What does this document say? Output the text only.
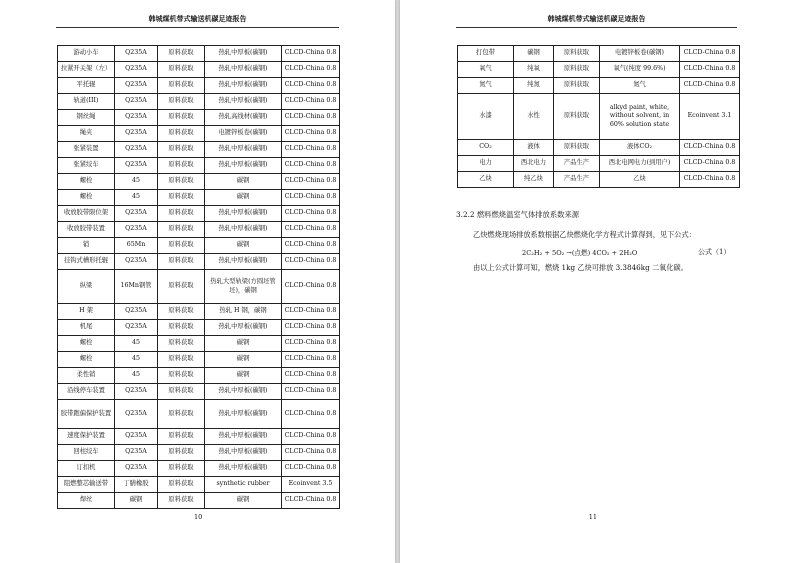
韩城煤机带式输送机碳足迹报告
游动小车	Q235A	原料获取	热轧中厚板(碳钢)	CLCD-China 0.8
拉紧开关架（左）	Q235A	原料获取	热轧中厚板(碳钢)	CLCD-China 0.8
平托辊	Q235A	原料获取	热轧中厚板(碳钢)	CLCD-China 0.8
轨道(III)	Q235A	原料获取	热轧中厚板(碳钢)	CLCD-China 0.8
钢丝绳	Q235A	原料获取	热轧高线材(碳钢)	CLCD-China 0.8
绳夹	Q235A	原料获取	电镀锌板卷(碳钢)	CLCD-China 0.8
张紧装置	Q235A	原料获取	热轧中厚板(碳钢)	CLCD-China 0.8
张紧绞车	Q235A	原料获取	热轧中厚板(碳钢)	CLCD-China 0.8
螺栓	45	原料获取	碳钢	CLCD-China 0.8
螺栓	45	原料获取	碳钢	CLCD-China 0.8
收放胶带限位架	Q235A	原料获取	热轧中厚板(碳钢)	CLCD-China 0.8
收放胶带装置	Q235A	原料获取	热轧中厚板(碳钢)	CLCD-China 0.8
销	65Mn	原料获取	碳钢	CLCD-China 0.8
挂钩式槽形托辊	Q235A	原料获取	热轧中厚板(碳钢)	CLCD-China 0.8
纵梁	16Mn钢管	原料获取	热轧大型轨梁(方圆坯管坯)，碳钢	CLCD-China 0.8
H 架	Q235A	原料获取	热轧 H 钢，碳钢	CLCD-China 0.8
机尾	Q235A	原料获取	热轧中厚板(碳钢)	CLCD-China 0.8
螺栓	45	原料获取	碳钢	CLCD-China 0.8
螺栓	45	原料获取	碳钢	CLCD-China 0.8
柔性销	45	原料获取	碳钢	CLCD-China 0.8
沿线停车装置	Q235A	原料获取	热轧中厚板(碳钢)	CLCD-China 0.8
胶带跑偏保护装置	Q235A	原料获取	热轧中厚板(碳钢)	CLCD-China 0.8
速度保护装置	Q235A	原料获取	热轧中厚板(碳钢)	CLCD-China 0.8
回柱绞车	Q235A	原料获取	热轧中厚板(碳钢)	CLCD-China 0.8
订扣机	Q235A	原料获取	热轧中厚板(碳钢)	CLCD-China 0.8
阻燃整芯输送带	丁腈橡胶	原料获取	synthetic rubber	Ecoinvent 3.5
焊丝	碳钢	原料获取	碳钢	CLCD-China 0.8
10
韩城煤机带式输送机碳足迹报告
11
打包带	碳钢	原料获取	电镀锌板卷(碳钢)	CLCD-China 0.8
氧气	纯氧	原料获取	氧气(纯度 99.6%)	CLCD-China 0.8
氮气	纯氮	原料获取	氮气	CLCD-China 0.8
水漆	水性	原料获取	alkyd paint, white, without solvent, in 60% solution state	Ecoinvent 3.1
CO₂	液体	原料获取	液体CO₂	CLCD-China 0.8
电力	西北电力	产品生产	西北电网电力(到用户)	CLCD-China 0.8
乙炔	纯乙炔	产品生产	乙炔	CLCD-China 0.8
3.2.2 燃料燃烧温室气体排放系数来源
乙炔燃烧现场排放系数根据乙炔燃烧化学方程式计算得到，见下公式：
2C₂H₂ + 5O₂ →(点燃) 4CO₂ + 2H₂O	公式（1）
由以上公式计算可知，燃烧 1kg 乙炔可排放 3.3846kg 二氧化碳。
